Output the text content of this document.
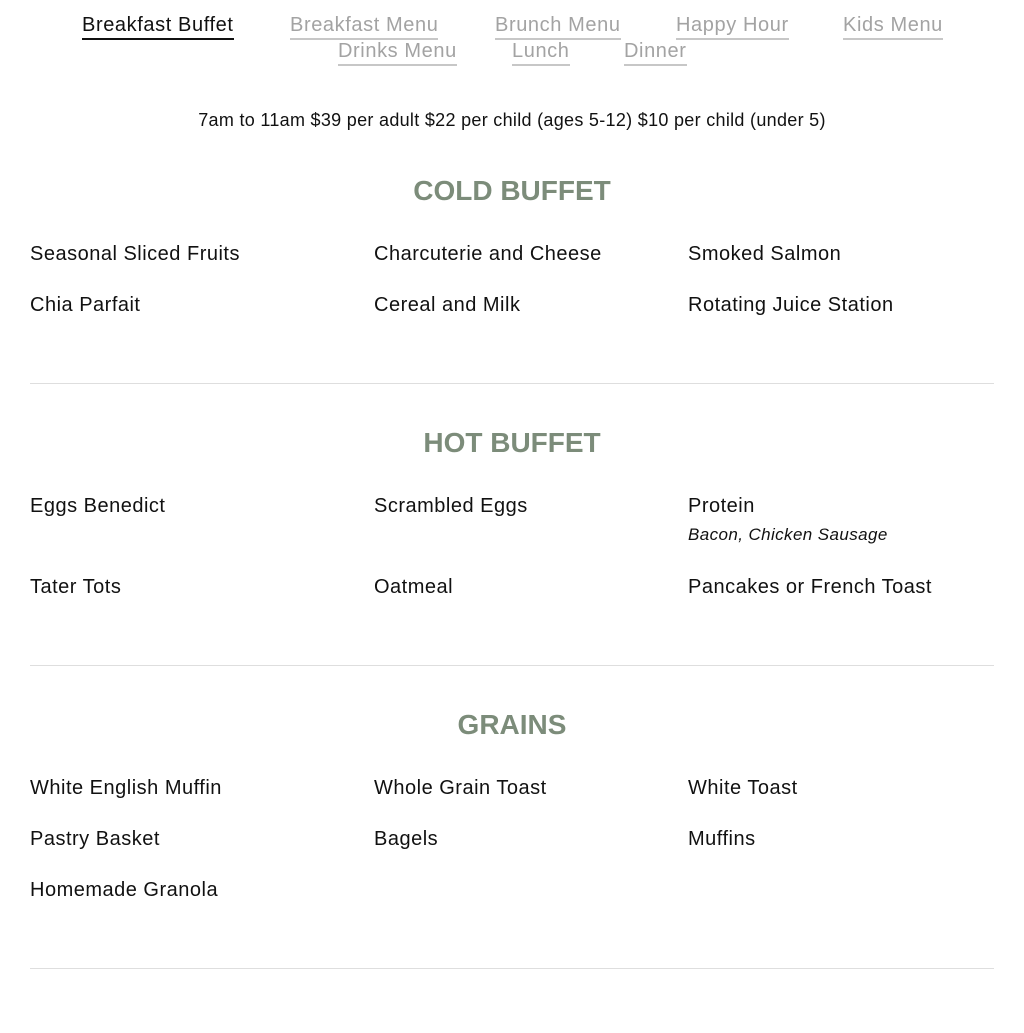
Breakfast Buffet	Breakfast Menu	Brunch Menu	Happy Hour	Kids Menu
Drinks Menu	Lunch	Dinner

7am to 11am $39 per adult $22 per child (ages 5-12) $10 per child (under 5)

COLD BUFFET
Seasonal Sliced Fruits	Charcuterie and Cheese	Smoked Salmon
Chia Parfait	Cereal and Milk	Rotating Juice Station
HOT BUFFET
Eggs Benedict	Scrambled Eggs	Protein
Bacon, Chicken Sausage
Tater Tots	Oatmeal	Pancakes or French Toast
GRAINS
White English Muffin	Whole Grain Toast	White Toast
Pastry Basket	Bagels	Muffins
Homemade Granola
